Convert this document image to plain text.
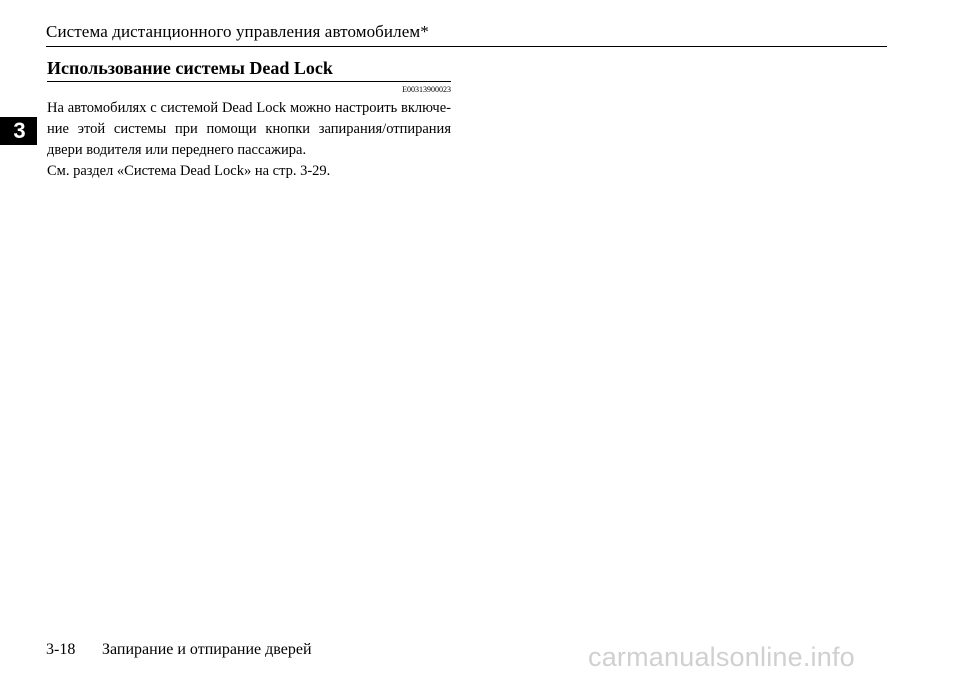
Система дистанционного управления автомобилем*
3
Использование системы Dead Lock
E00313900023
На автомобилях с системой Dead Lock можно настроить включе-
ние этой системы при помощи кнопки запирания/отпирания
двери водителя или переднего пассажира.
См. раздел «Система Dead Lock» на стр. 3-29.
3-18 Запирание и отпирание дверей	carmanualsonline.info
